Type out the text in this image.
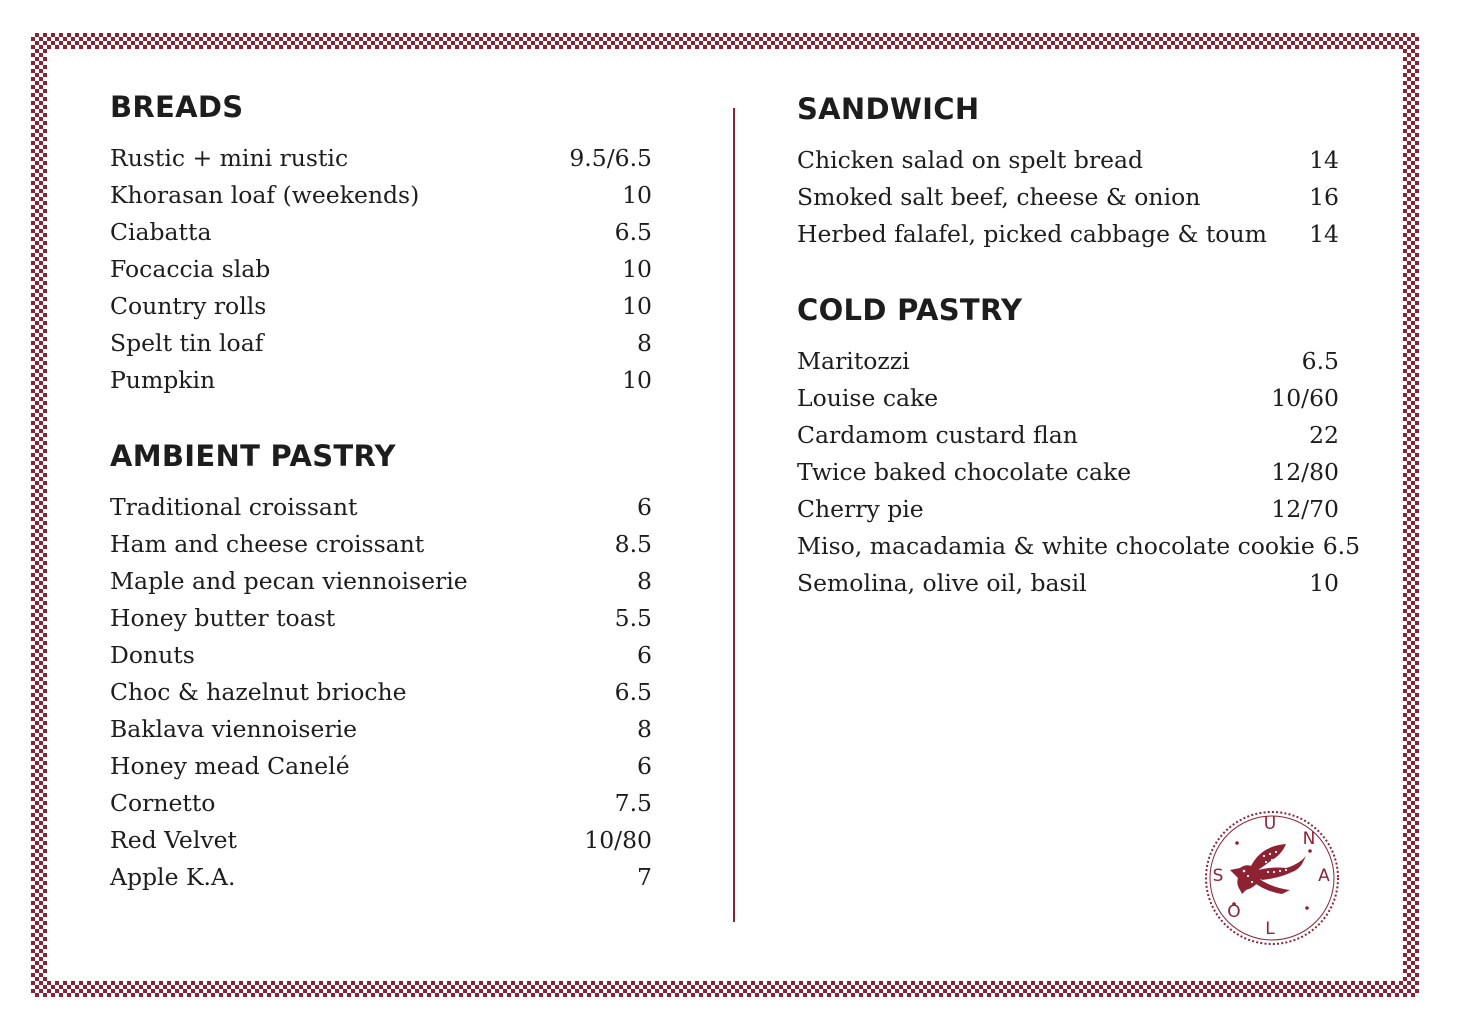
BREADS
Rustic + mini rustic	9.5/6.5
Khorasan loaf (weekends)	10
Ciabatta	6.5
Focaccia slab	10
Country rolls	10
Spelt tin loaf	8
Pumpkin	10
AMBIENT PASTRY
Traditional croissant	6
Ham and cheese croissant	8.5
Maple and pecan viennoiserie	8
Honey butter toast	5.5
Donuts	6
Choc & hazelnut brioche	6.5
Baklava viennoiserie	8
Honey mead Canelé	6
Cornetto	7.5
Red Velvet	10/80
Apple K.A.	7
SANDWICH
Chicken salad on spelt bread	14
Smoked salt beef, cheese & onion	16
Herbed falafel, picked cabbage & toum	14
COLD PASTRY
Maritozzi	6.5
Louise cake	10/60
Cardamom custard flan	22
Twice baked chocolate cake	12/80
Cherry pie	12/70
Miso, macadamia & white chocolate cookie 6.5
Semolina, olive oil, basil	10
U
N
A
L
O
S
